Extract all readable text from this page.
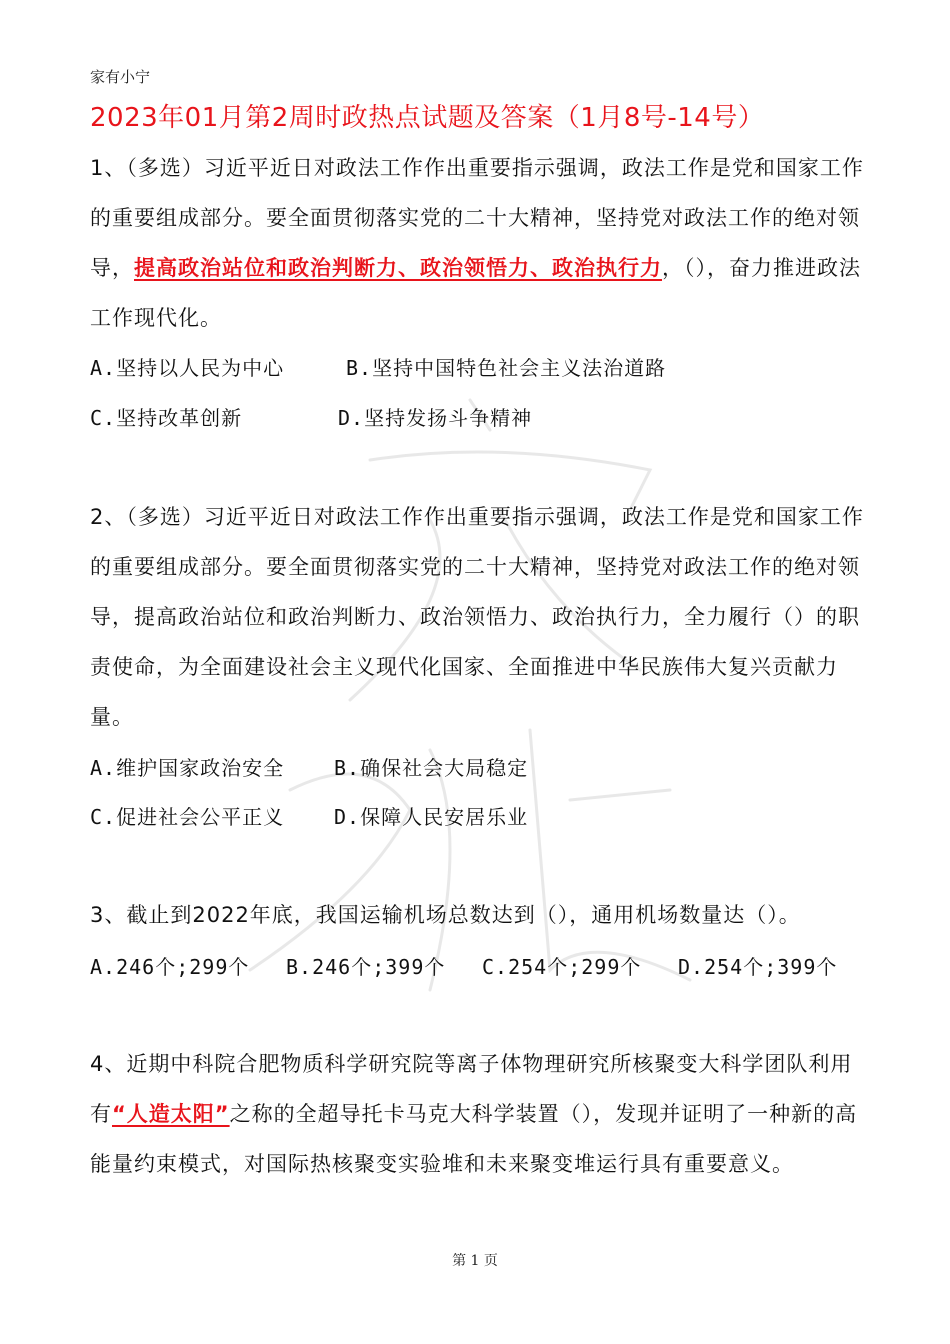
家有小宁
2023年01月第2周时政热点试题及答案（1月8号-14号）
1、（多选）习近平近日对政法工作作出重要指示强调，政法工作是党和国家工作的重要组成部分。要全面贯彻落实党的二十大精神，坚持党对政法工作的绝对领导，提高政治站位和政治判断力、政治领悟力、政治执行力，（），奋力推进政法工作现代化。
A.坚持以人民为中心	B.坚持中国特色社会主义法治道路
C.坚持改革创新	D.坚持发扬斗争精神
2、（多选）习近平近日对政法工作作出重要指示强调，政法工作是党和国家工作的重要组成部分。要全面贯彻落实党的二十大精神，坚持党对政法工作的绝对领导，提高政治站位和政治判断力、政治领悟力、政治执行力，全力履行（）的职责使命，为全面建设社会主义现代化国家、全面推进中华民族伟大复兴贡献力量。
A.维护国家政治安全 B.确保社会大局稳定
C.促进社会公平正义 D.保障人民安居乐业
3、截止到2022年底，我国运输机场总数达到（），通用机场数量达（）。
A.246个;299个 B.246个;399个 C.254个;299个 D.254个;399个
4、近期中科院合肥物质科学研究院等离子体物理研究所核聚变大科学团队利用有“人造太阳”之称的全超导托卡马克大科学装置（），发现并证明了一种新的高能量约束模式，对国际热核聚变实验堆和未来聚变堆运行具有重要意义。
第 1 页
